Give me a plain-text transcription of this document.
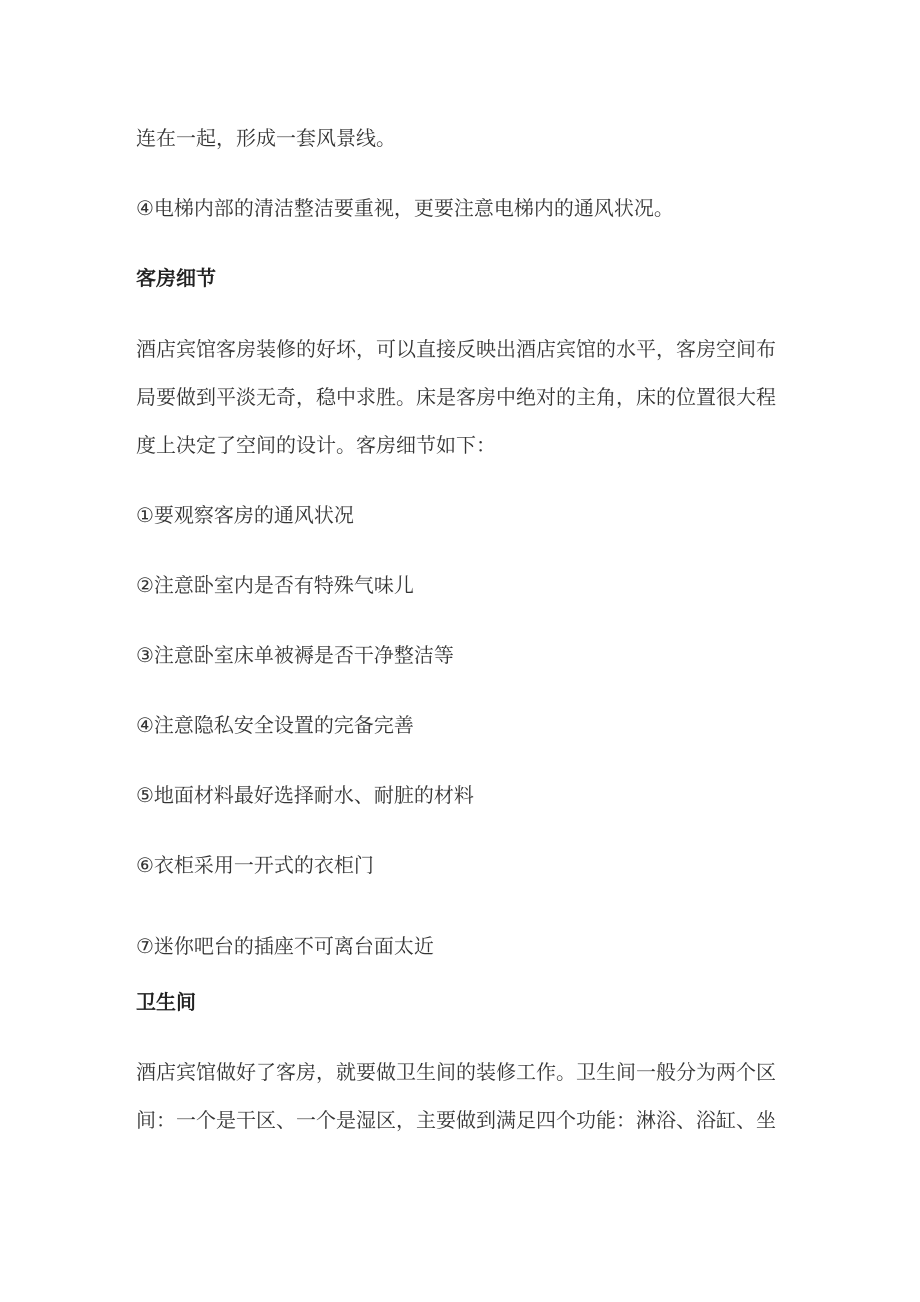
连在一起，形成一套风景线。
④电梯内部的清洁整洁要重视，更要注意电梯内的通风状况。
客房细节
酒店宾馆客房装修的好坏，可以直接反映出酒店宾馆的水平，客房空间布
局要做到平淡无奇，稳中求胜。床是客房中绝对的主角，床的位置很大程
度上决定了空间的设计。客房细节如下：
①要观察客房的通风状况
②注意卧室内是否有特殊气味儿
③注意卧室床单被褥是否干净整洁等
④注意隐私安全设置的完备完善
⑤地面材料最好选择耐水、耐脏的材料
⑥衣柜采用一开式的衣柜门
⑦迷你吧台的插座不可离台面太近
卫生间
酒店宾馆做好了客房，就要做卫生间的装修工作。卫生间一般分为两个区
间：一个是干区、一个是湿区，主要做到满足四个功能：淋浴、浴缸、坐
